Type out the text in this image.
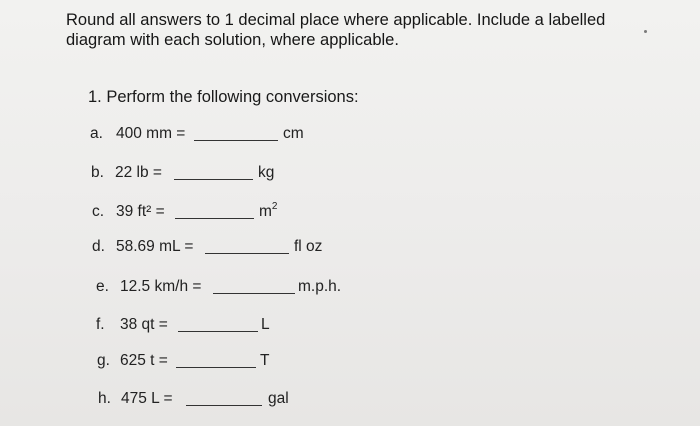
Round all answers to 1 decimal place where applicable. Include a labelled
diagram with each solution, where applicable.
1. Perform the following conversions:
a. 400 mm =	cm
b. 22 lb =	kg
c. 39 ft² =	$m^2$
d. 58.69 mL =	fl oz
e. 12.5 km/h =	m.p.h.
f. 38 qt =	L
g. 625 t =	T
h. 475 L =	gal
